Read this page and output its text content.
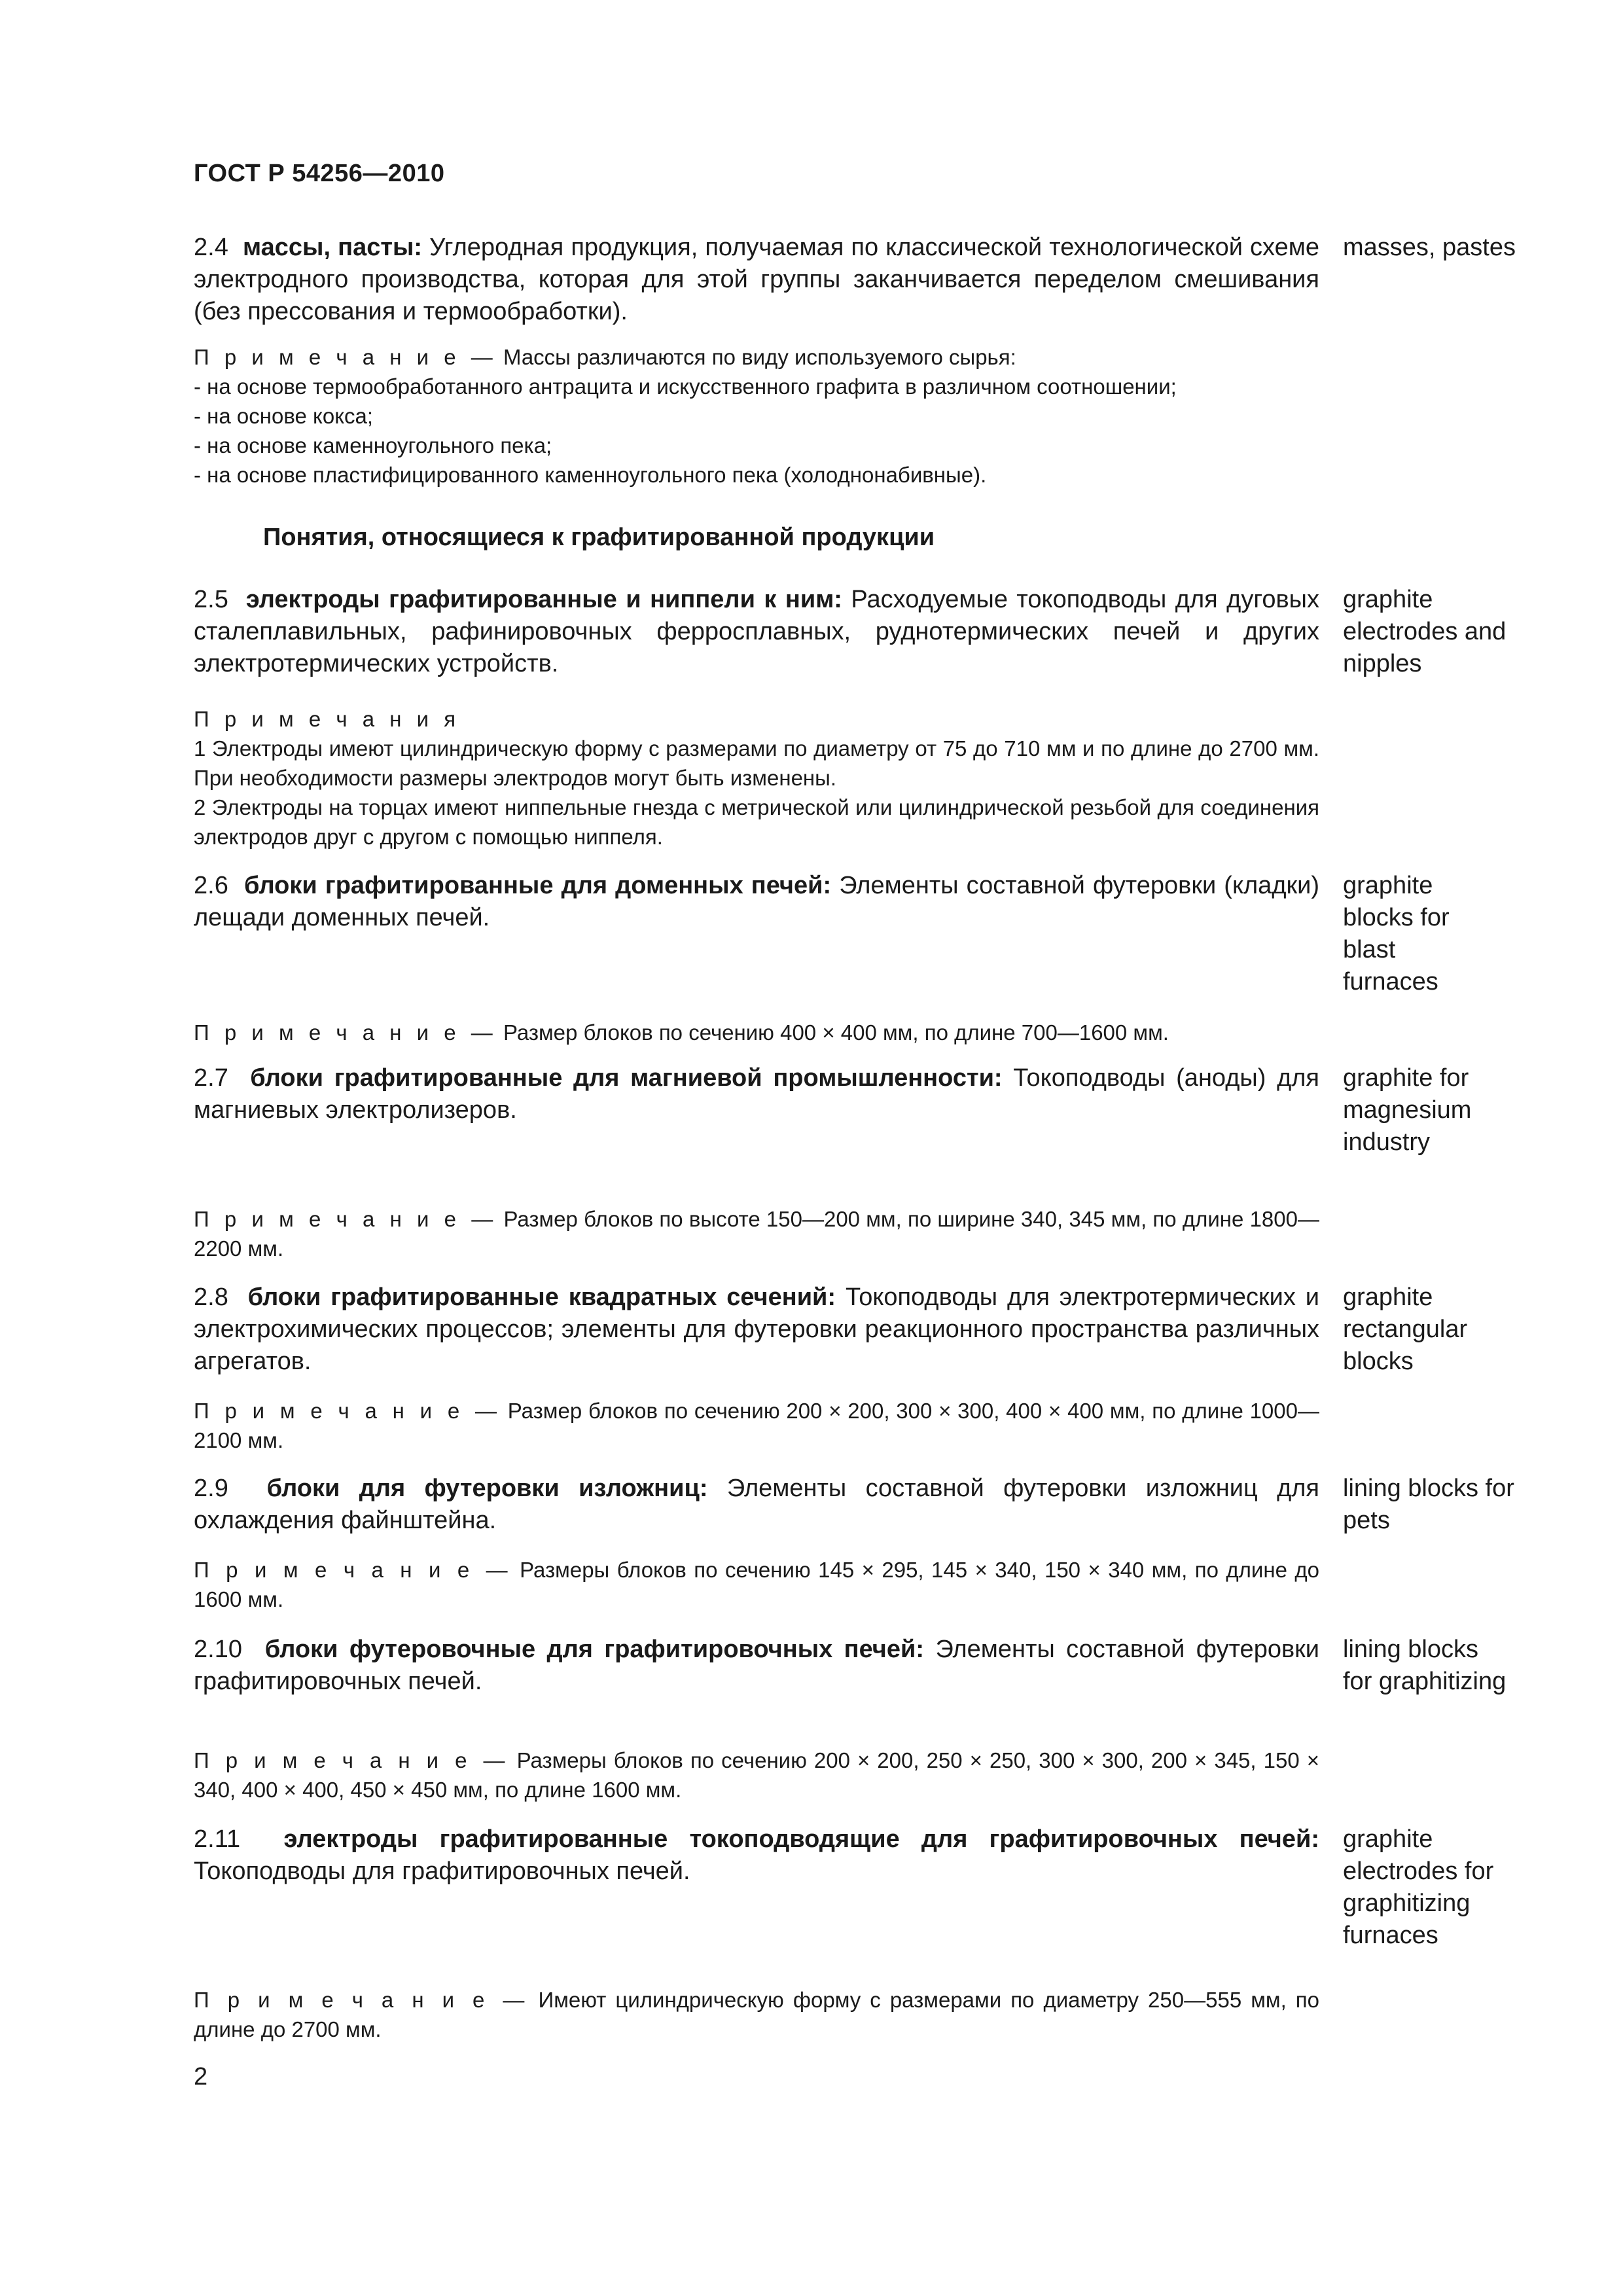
ГОСТ Р 54256—2010
2.4 массы, пасты: Углеродная продукция, получаемая по классической технологической схеме электродного производства, которая для этой группы заканчивается переделом смешивания (без прессования и термообработки).
masses, pastes
П р и м е ч а н и е — Массы различаются по виду используемого сырья:
- на основе термообработанного антрацита и искусственного графита в различном соотношении;
- на основе кокса;
- на основе каменноугольного пека;
- на основе пластифицированного каменноугольного пека (холоднонабивные).
Понятия, относящиеся к графитированной продукции
2.5 электроды графитированные и ниппели к ним: Расходуемые токоподводы для дуговых сталеплавильных, рафинировочных ферросплавных, руднотермических печей и других электротермических устройств.
graphite electrodes and nipples
П р и м е ч а н и я
1 Электроды имеют цилиндрическую форму с размерами по диаметру от 75 до 710 мм и по длине до 2700 мм. При необходимости размеры электродов могут быть изменены.
2 Электроды на торцах имеют ниппельные гнезда с метрической или цилиндрической резьбой для соединения электродов друг с другом с помощью ниппеля.
2.6 блоки графитированные для доменных печей: Элементы составной футеровки (кладки) лещади доменных печей.
graphite blocks for blast furnaces
П р и м е ч а н и е — Размер блоков по сечению 400 × 400 мм, по длине 700—1600 мм.
2.7 блоки графитированные для магниевой промышленности: Токоподводы (аноды) для магниевых электролизеров.
graphite for magnesium industry
П р и м е ч а н и е — Размер блоков по высоте 150—200 мм, по ширине 340, 345 мм, по длине 1800—2200 мм.
2.8 блоки графитированные квадратных сечений: Токоподводы для электротермических и электрохимических процессов; элементы для футеровки реакционного пространства различных агрегатов.
graphite rectangular blocks
П р и м е ч а н и е — Размер блоков по сечению 200 × 200, 300 × 300, 400 × 400 мм, по длине 1000—2100 мм.
2.9 блоки для футеровки изложниц: Элементы составной футеровки изложниц для охлаждения файнштейна.
lining blocks for pets
П р и м е ч а н и е — Размеры блоков по сечению 145 × 295, 145 × 340, 150 × 340 мм, по длине до 1600 мм.
2.10 блоки футеровочные для графитировочных печей: Элементы составной футеровки графитировочных печей.
lining blocks for graphitizing
П р и м е ч а н и е — Размеры блоков по сечению 200 × 200, 250 × 250, 300 × 300, 200 × 345, 150 × 340, 400 × 400, 450 × 450 мм, по длине 1600 мм.
2.11 электроды графитированные токоподводящие для графитировочных печей: Токоподводы для графитировочных печей.
graphite electrodes for graphitizing furnaces
П р и м е ч а н и е — Имеют цилиндрическую форму с размерами по диаметру 250—555 мм, по длине до 2700 мм.
2
